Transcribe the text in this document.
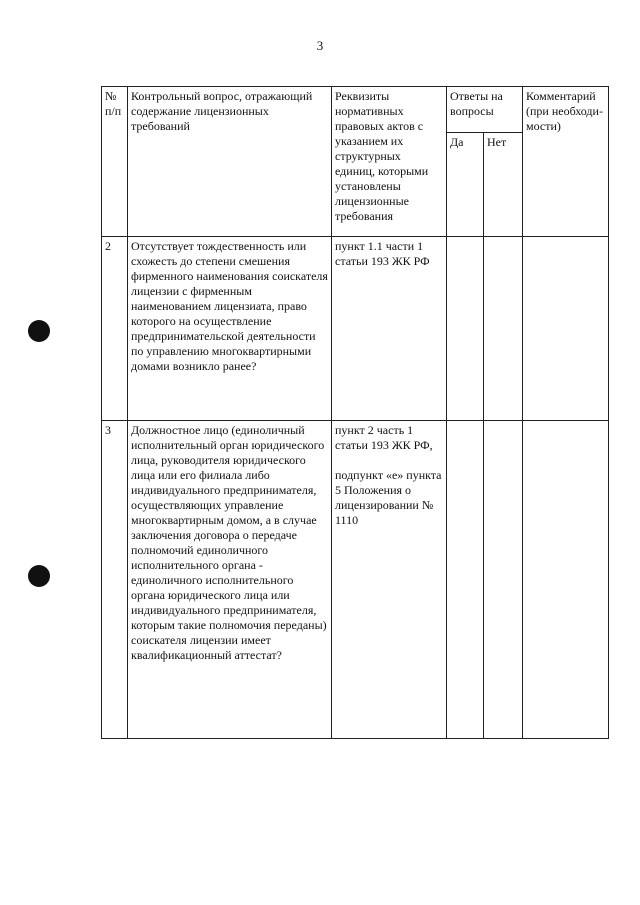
3
№ п/п	Контрольный вопрос, отражающий содержание лицензионных требований	Реквизиты нормативных правовых актов с указанием их структурных единиц, которыми установлены лицензионные требования	Ответы на вопросы		Комментарий (при необходи-мости)
			Да	Нет	
2	Отсутствует тождественность или схожесть до степени смешения фирменного наименования соискателя лицензии с фирменным наименованием лицензиата, право которого на осуществление предпринимательской деятельности по управлению многоквартирными домами возникло ранее?	пункт 1.1 части 1 статьи 193 ЖК РФ			
3	Должностное лицо (единоличный исполнительный орган юридического лица, руководителя юридического лица или его филиала либо индивидуального предпринимателя, осуществляющих управление многоквартирным домом, а в случае заключения договора о передаче полномочий единоличного исполнительного органа - единоличного исполнительного органа юридического лица или индивидуального предпринимателя, которым такие полномочия переданы) соискателя лицензии имеет квалификационный аттестат?	пункт 2 часть 1 статьи 193 ЖК РФ,
подпункт «е» пункта 5 Положения о лицензировании № 1110			
